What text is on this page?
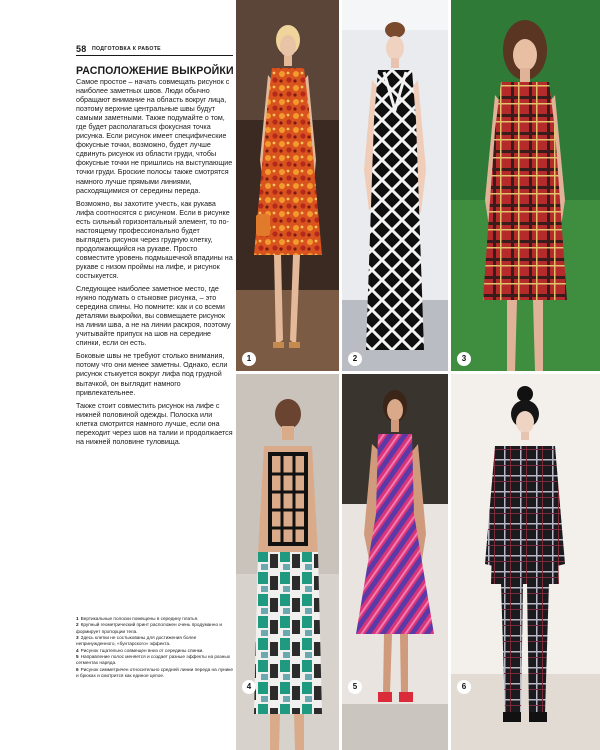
58 ПОДГОТОВКА К РАБОТЕ
РАСПОЛОЖЕНИЕ ВЫКРОЙКИ

Самое простое – начать совмещать рисунок с наиболее заметных швов. Люди обычно обращают внимание на область вокруг лица, поэтому верхние центральные швы будут самыми заметными. Также подумайте о том, где будет располагаться фокусная точка рисунка. Если рисунок имеет специфические фокусные точки, возможно, будет лучше сдвинуть рисунок из области груди, чтобы фокусные точки не пришлись на выступающие точки груди. Броские полосы также смотрятся намного лучше прямыми линиями, расходящимися от середины переда.

Возможно, вы захотите учесть, как рукава лифа соотносятся с рисунком. Если в рисунке есть сильный горизонтальный элемент, то по-настоящему профессионально будет выглядеть рисунок через грудную клетку, продолжающийся на рукаве. Просто совместите уровень подмышечной впадины на рукаве с низом проймы на лифе, и рисунок состыкуется.

Следующее наиболее заметное место, где нужно подумать о стыковке рисунка, – это середина спины. Но помните: как и со всеми деталями выкройки, вы совмещаете рисунок на линии шва, а не на линии раскроя, поэтому учитывайте припуск на шов на середине спинки, если он есть.

Боковые швы не требуют столько внимания, потому что они менее заметны. Однако, если рисунок стыкуется вокруг лифа под грудной вытачкой, он выглядит намного привлекательнее.

Также стоит совместить рисунок на лифе с нижней половиной одежды. Полоска или клетка смотрится намного лучше, если она переходит через шов на талии и продолжается на нижней половине туловища.

1 Вертикальные полоски помещены в середину платья.
2 Крупный геометрический принт расположен очень продуманно и формирует пропорции тела.
3 Здесь клетки не состыкованы для достижения более непринужденного, «бунтарского» эффекта.
4 Рисунок тщательно совмещен вниз от середины спинки.
5 Направление полос меняется и создает разные эффекты на разных сегментах наряда.
6 Рисунок симметричен относительно средней линии переда на лунике и брюках и смотрится как единое целое.
1	2	3
4	5	6
